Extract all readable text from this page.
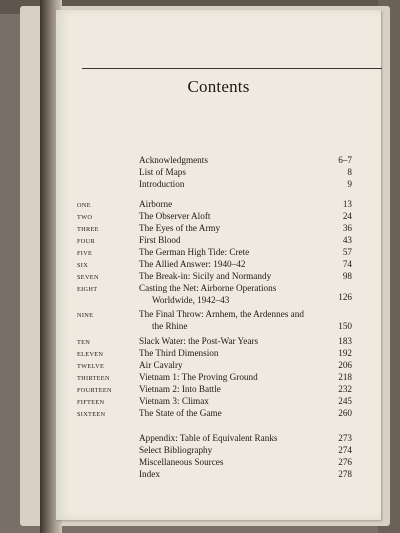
Contents
Acknowledgments	6–7
List of Maps	8
Introduction	9
ONE	Airborne	13
TWO	The Observer Aloft	24
THREE	The Eyes of the Army	36
FOUR	First Blood	43
FIVE	The German High Tide: Crete	57
SIX	The Allied Answer: 1940–42	74
SEVEN	The Break-in: Sicily and Normandy	98
EIGHT	Casting the Net: Airborne Operations
Worldwide, 1942–43	126
NINE	The Final Throw: Arnhem, the Ardennes and
the Rhine	150
TEN	Slack Water: the Post-War Years	183
ELEVEN	The Third Dimension	192
TWELVE	Air Cavalry	206
THIRTEEN	Vietnam 1: The Proving Ground	218
FOURTEEN	Vietnam 2: Into Battle	232
FIFTEEN	Vietnam 3: Climax	245
SIXTEEN	The State of the Game	260
Appendix: Table of Equivalent Ranks	273
Select Bibliography	274
Miscellaneous Sources	276
Index	278
